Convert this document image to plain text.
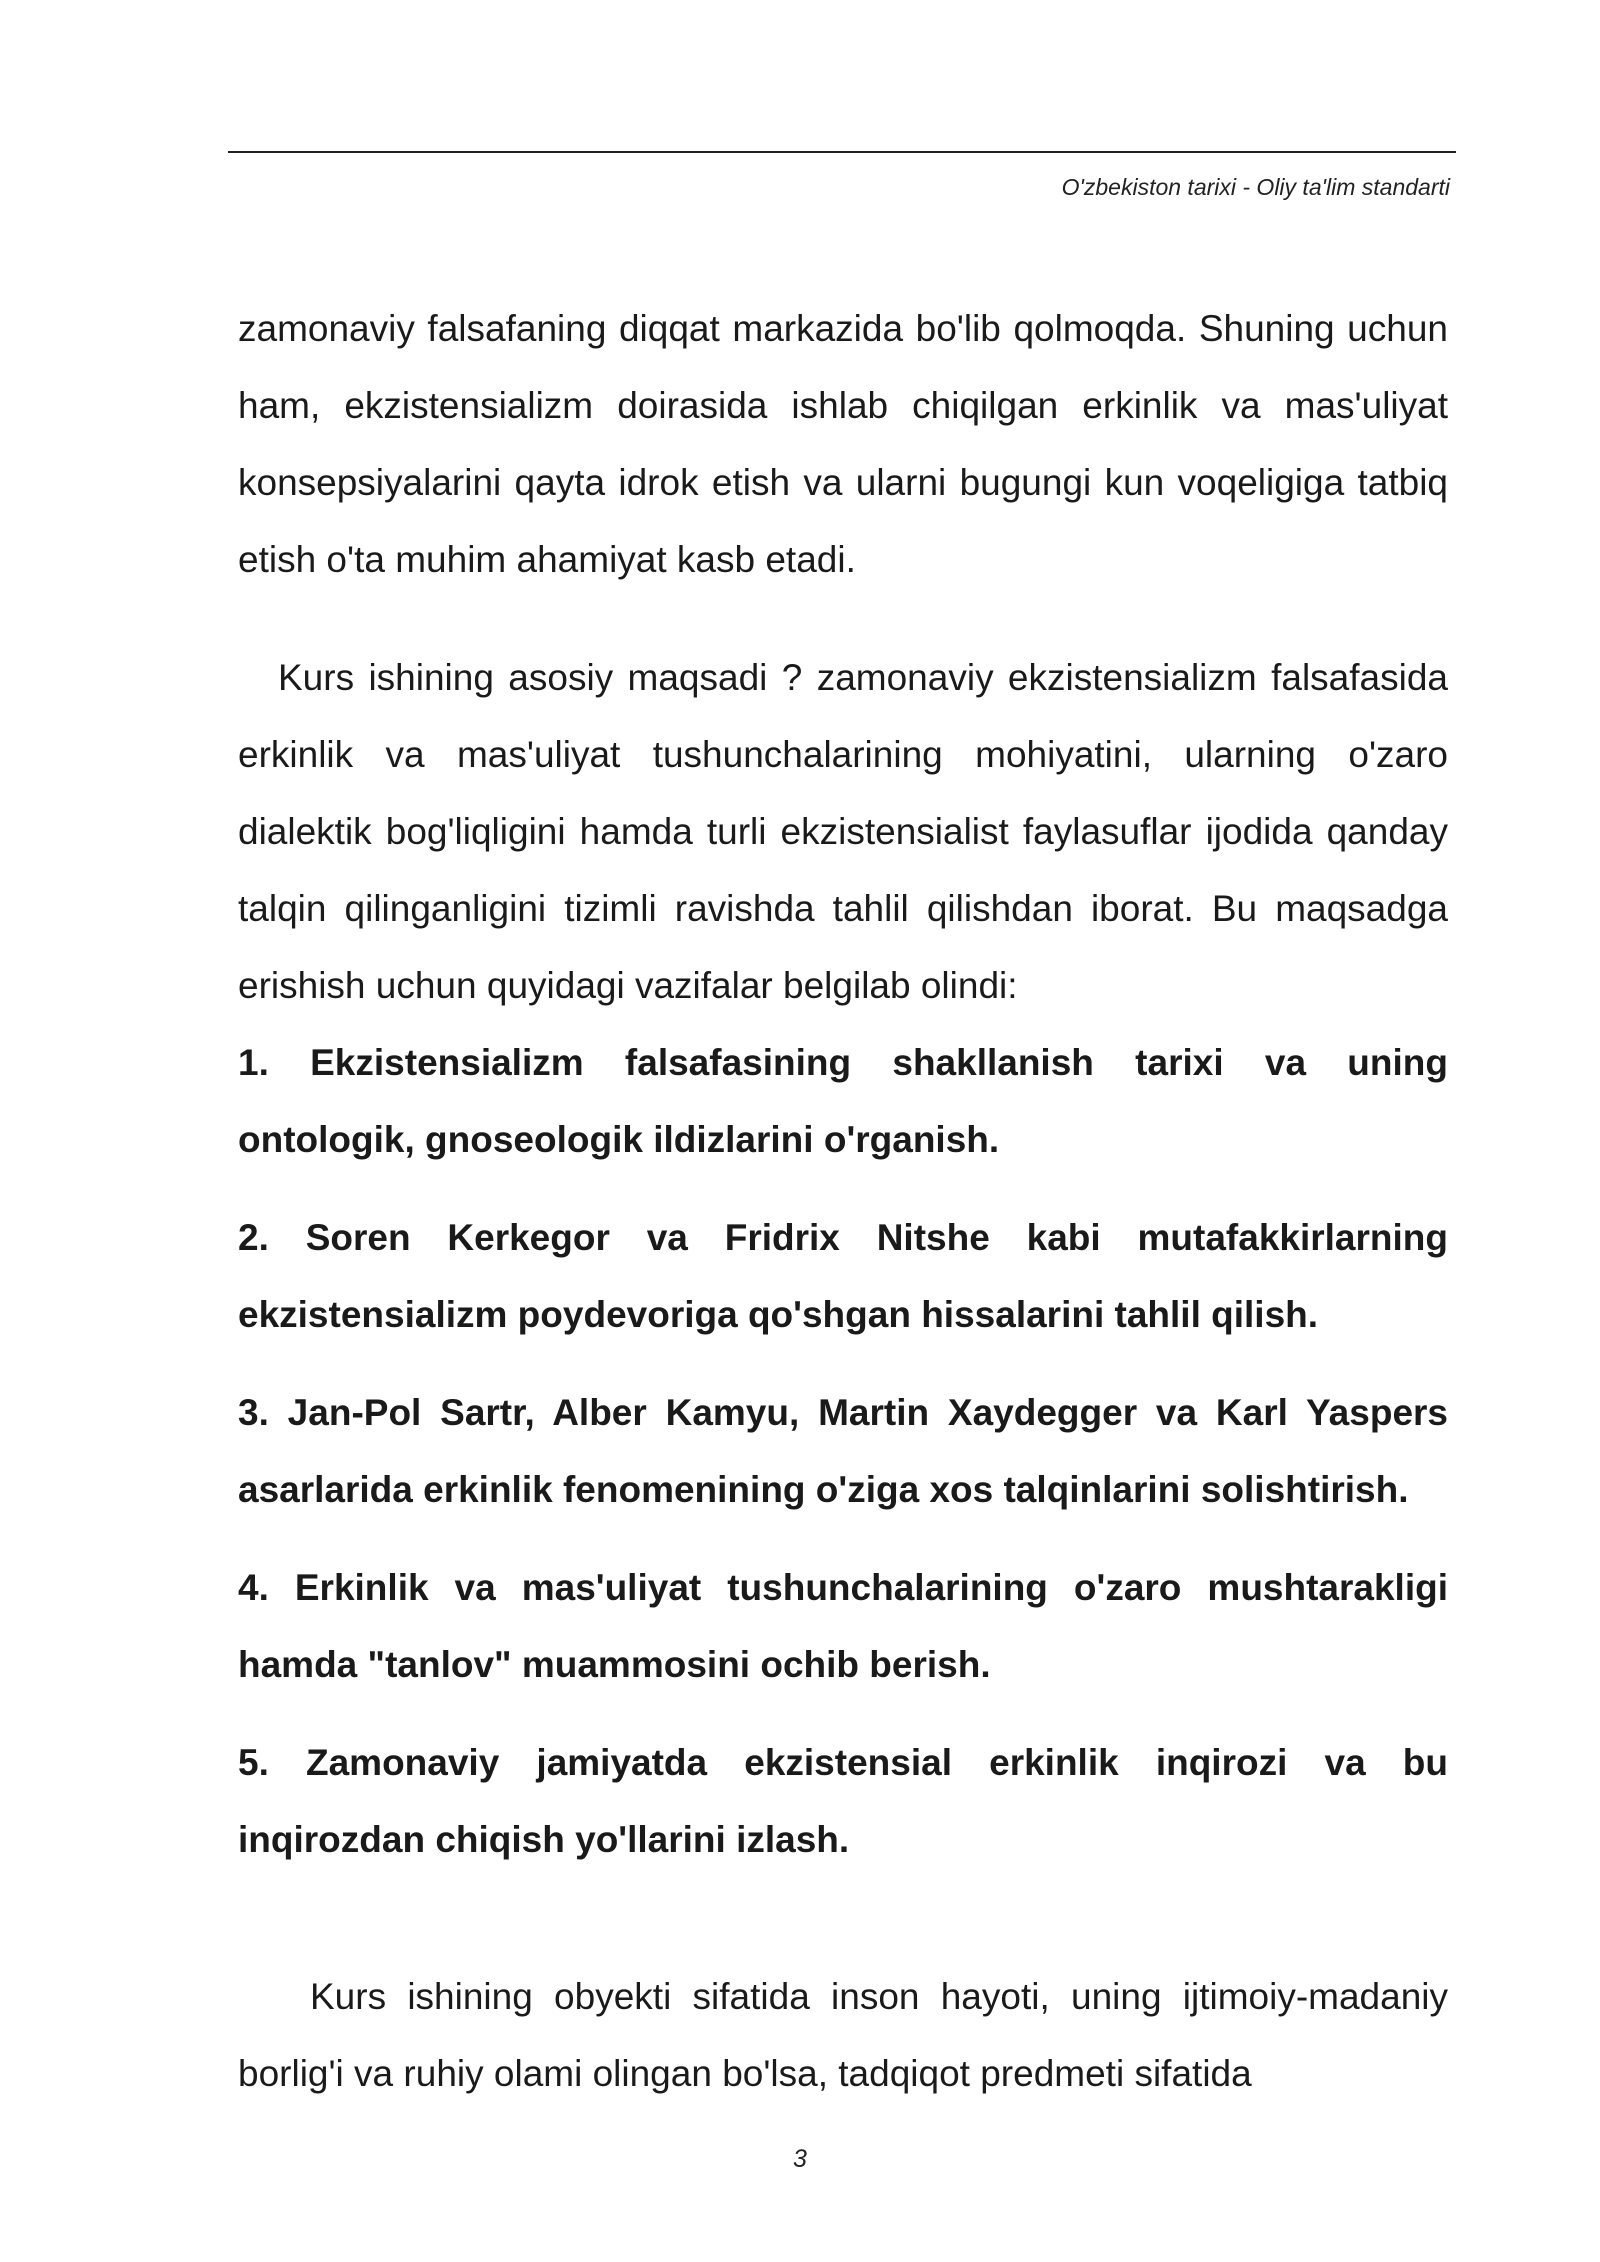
O'zbekiston tarixi - Oliy ta'lim standarti

zamonaviy falsafaning diqqat markazida bo'lib qolmoqda. Shuning uchun ham, ekzistensializm doirasida ishlab chiqilgan erkinlik va mas'uliyat konsepsiyalarini qayta idrok etish va ularni bugungi kun voqeligiga tatbiq etish o'ta muhim ahamiyat kasb etadi.

Kurs ishining asosiy maqsadi ? zamonaviy ekzistensializm falsafasida erkinlik va mas'uliyat tushunchalarining mohiyatini, ularning o'zaro dialektik bog'liqligini hamda turli ekzistensialist faylasuflar ijodida qanday talqin qilinganligini tizimli ravishda tahlil qilishdan iborat. Bu maqsadga erishish uchun quyidagi vazifalar belgilab olindi:

1. Ekzistensializm falsafasining shakllanish tarixi va uning ontologik, gnoseologik ildizlarini o'rganish.

2. Soren Kerkegor va Fridrix Nitshe kabi mutafakkirlarning ekzistensializm poydevoriga qo'shgan hissalarini tahlil qilish.

3. Jan-Pol Sartr, Alber Kamyu, Martin Xaydegger va Karl Yaspers asarlarida erkinlik fenomenining o'ziga xos talqinlarini solishtirish.

4. Erkinlik va mas'uliyat tushunchalarining o'zaro mushtarakligi hamda "tanlov" muammosini ochib berish.

5. Zamonaviy jamiyatda ekzistensial erkinlik inqirozi va bu inqirozdan chiqish yo'llarini izlash.

Kurs ishining obyekti sifatida inson hayoti, uning ijtimoiy-madaniy borlig'i va ruhiy olami olingan bo'lsa, tadqiqot predmeti sifatida

3
